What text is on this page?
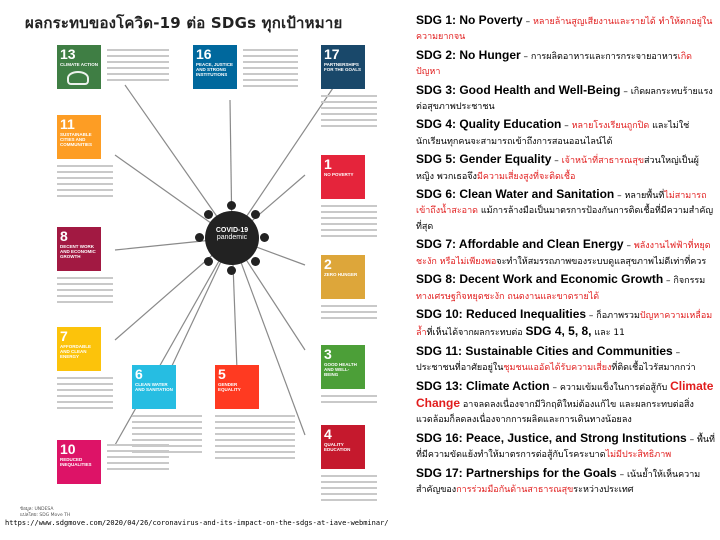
ผลกระทบของโควิด-19 ต่อ SDGs ทุกเป้าหมาย
13
CLIMATE ACTION
16
PEACE, JUSTICE AND STRONG INSTITUTIONS
17
PARTNERSHIPS FOR THE GOALS
11
SUSTAINABLE CITIES AND COMMUNITIES
1
NO POVERTY
8
DECENT WORK AND ECONOMIC GROWTH	2
ZERO HUNGER
7
AFFORDABLE AND CLEAN ENERGY	3
GOOD HEALTH AND WELL-BEING
6
CLEAN WATER AND SANITATION
5
GENDER EQUALITY
4
QUALITY EDUCATION
10
REDUCED INEQUALITIES
COVID-19
pandemic
ข้อมูล: UNDESA
แปลโดย: SDG Move TH
https://www.sdgmove.com/2020/04/26/coronavirus-and-its-impact-on-the-sdgs-at-iave-webminar/
SDG 1: No Poverty – หลายล้านสูญเสียงานและรายได้ ทำให้ตกอยู่ในความยากจน
SDG 2: No Hunger – การผลิตอาหารและการกระจายอาหารเกิดปัญหา
SDG 3: Good Health and Well-Being – เกิดผลกระทบร้ายแรงต่อสุขภาพประชาชน
SDG 4: Quality Education – หลายโรงเรียนถูกปิด และไม่ใช่นักเรียนทุกคนจะสามารถเข้าถึงการสอนออนไลน์ได้
SDG 5: Gender Equality – เจ้าหน้าที่สาธารณสุขส่วนใหญ่เป็นผู้หญิง พวกเธอจึงมีความเสี่ยงสูงที่จะติดเชื้อ
SDG 6: Clean Water and Sanitation – หลายพื้นที่ไม่สามารถเข้าถึงน้ำสะอาด แม้การล้างมือเป็นมาตรการป้องกันการติดเชื้อที่มีความสำคัญที่สุด
SDG 7: Affordable and Clean Energy – พลังงานไฟฟ้าที่หยุดชะงัก หรือไม่เพียงพอจะทำให้สมรรถภาพของระบบดูแลสุขภาพไม่ดีเท่าที่ควร
SDG 8: Decent Work and Economic Growth – กิจกรรมทางเศรษฐกิจหยุดชะงัก ถนดงานและขาดรายได้
SDG 10: Reduced Inequalities – ก็อภาพรวมปัญหาความเหลื่อมล้ำที่เห็นได้จากผลกระทบต่อ SDG 4, 5, 8, และ 11
SDG 11: Sustainable Cities and Communities – ประชาชนที่อาศัยอยู่ในชุมชนแออัดได้รับความเสี่ยงที่ติดเชื้อไวรัสมากกว่า
SDG 13: Climate Action – ความเข้มแข็งในการต่อสู้กับ Climate Change อาจลดลงเนื่องจากมีวิกฤติใหม่ต้องแก้ไข และผลกระทบต่อสิ่งแวดล้อมก็ลดลงเนื่องจากการผลิตและการเดินทางน้อยลง
SDG 16: Peace, Justice, and Strong Institutions – พื้นที่ที่มีความขัดแย้งทำให้มาตรการต่อสู้กับโรคระบาดไม่มีประสิทธิภาพ
SDG 17: Partnerships for the Goals – เน้นย้ำให้เห็นความสำคัญของการร่วมมือกันด้านสาธารณสุขระหว่างประเทศ
